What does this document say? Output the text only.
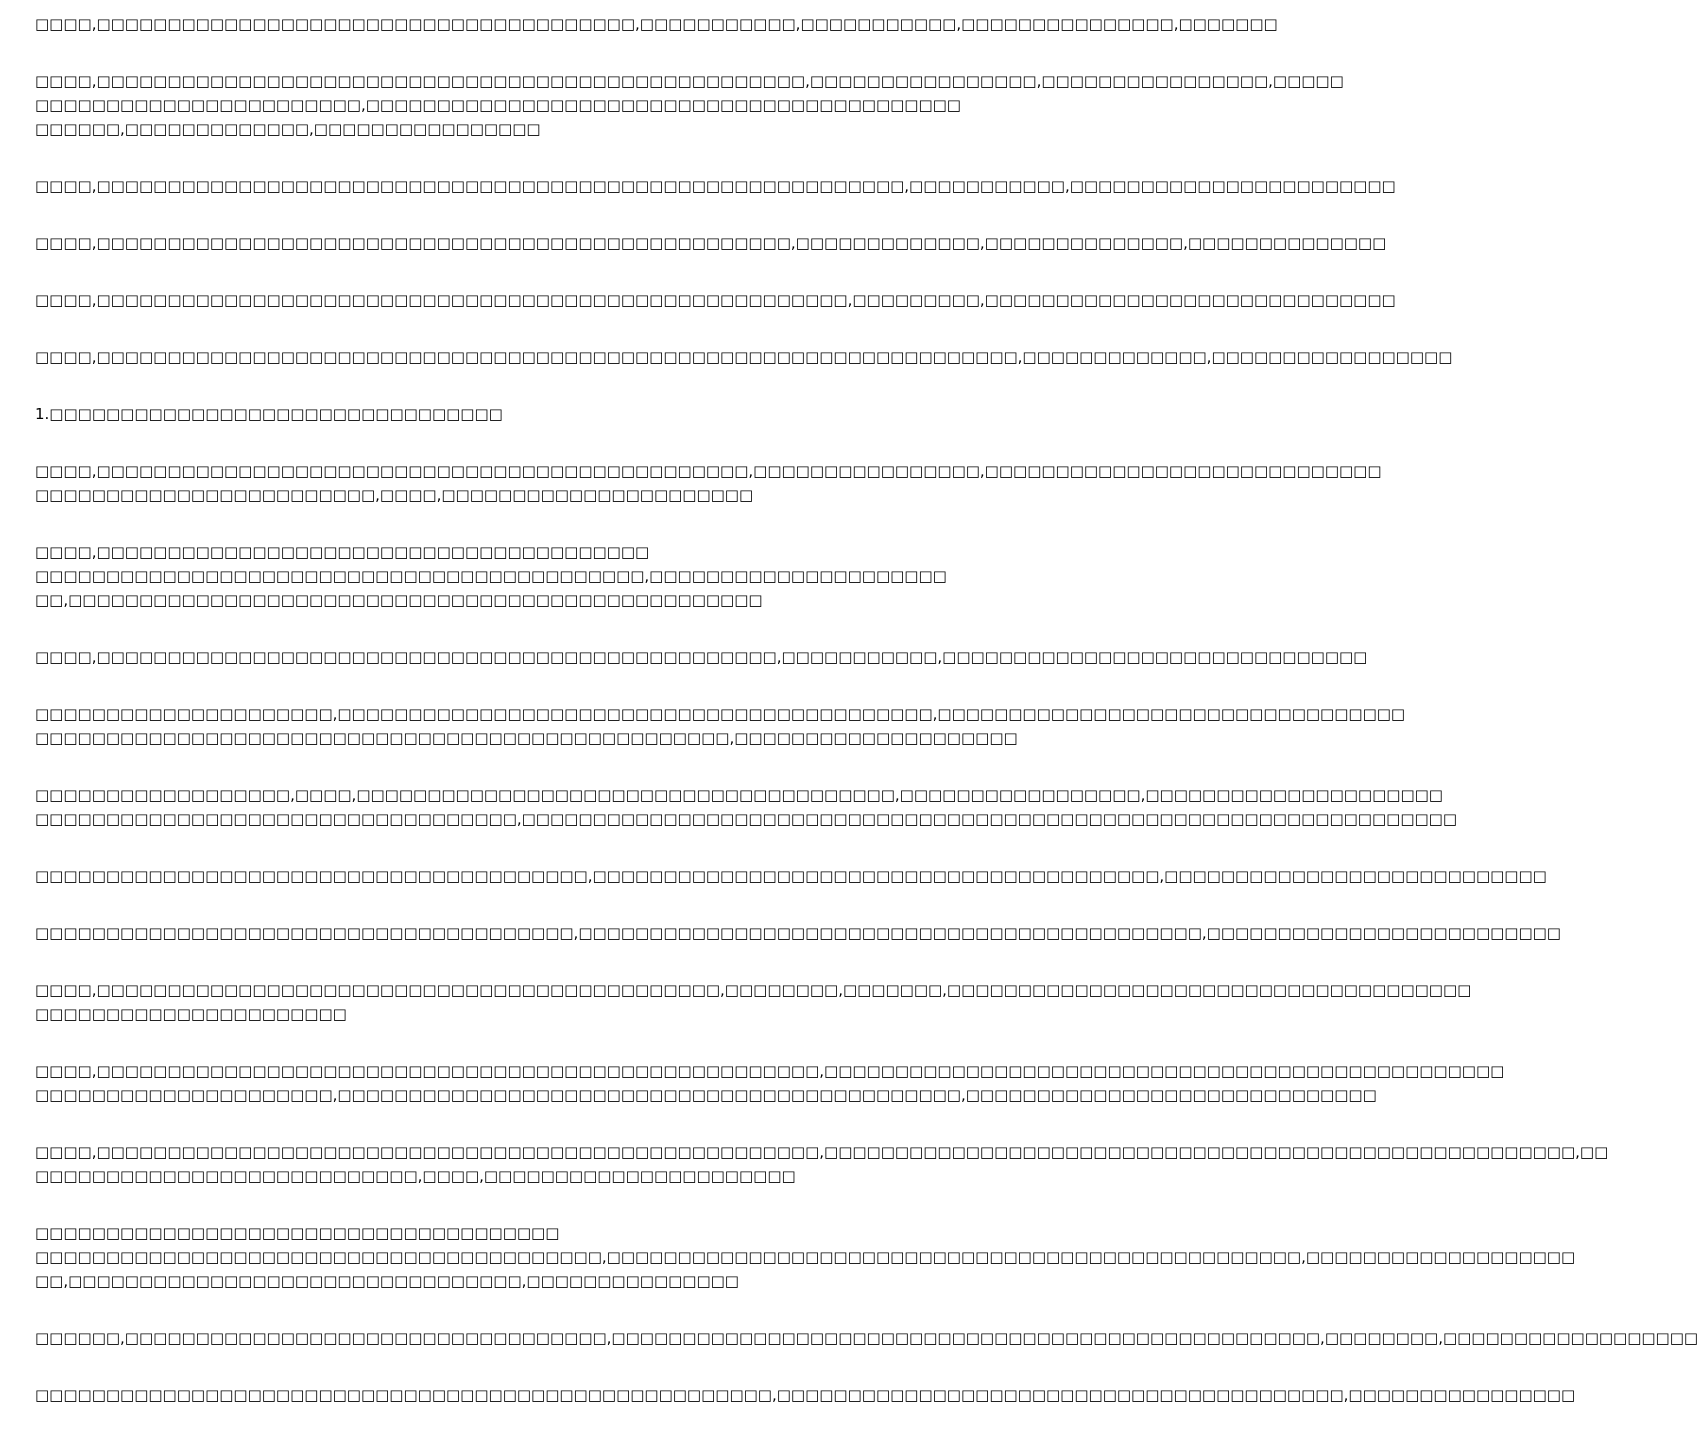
□□□□,□□□□□□□□□□□□□□□□□□□□□□□□□□□□□□□□□□□□□□,□□□□□□□□□□□,□□□□□□□□□□□,□□□□□□□□□□□□□□□,□□□□□□□
□□□□,□□□□□□□□□□□□□□□□□□□□□□□□□□□□□□□□□□□□□□□□□□□□□□□□□□,□□□□□□□□□□□□□□□□,□□□□□□□□□□□□□□□□,□□□□□
□□□□□□□□□□□□□□□□□□□□□□□,□□□□□□□□□□□□□□□□□□□□□□□□□□□□□□□□□□□□□□□□□□
□□□□□□,□□□□□□□□□□□□□,□□□□□□□□□□□□□□□□
□□□□,□□□□□□□□□□□□□□□□□□□□□□□□□□□□□□□□□□□□□□□□□□□□□□□□□□□□□□□□□,□□□□□□□□□□□,□□□□□□□□□□□□□□□□□□□□□□□
□□□□,□□□□□□□□□□□□□□□□□□□□□□□□□□□□□□□□□□□□□□□□□□□□□□□□□,□□□□□□□□□□□□□,□□□□□□□□□□□□□□,□□□□□□□□□□□□□□
□□□□,□□□□□□□□□□□□□□□□□□□□□□□□□□□□□□□□□□□□□□□□□□□□□□□□□□□□□,□□□□□□□□□,□□□□□□□□□□□□□□□□□□□□□□□□□□□□□
□□□□,□□□□□□□□□□□□□□□□□□□□□□□□□□□□□□□□□□□□□□□□□□□□□□□□□□□□□□□□□□□□□□□□□,□□□□□□□□□□□□□,□□□□□□□□□□□□□□□□□
1.□□□□□□□□□□□□□□□□□□□□□□□□□□□□□□□□
□□□□,□□□□□□□□□□□□□□□□□□□□□□□□□□□□□□□□□□□□□□□□□□□□□□,□□□□□□□□□□□□□□□□,□□□□□□□□□□□□□□□□□□□□□□□□□□□□
□□□□□□□□□□□□□□□□□□□□□□□□,□□□□,□□□□□□□□□□□□□□□□□□□□□□
□□□□,□□□□□□□□□□□□□□□□□□□□□□□□□□□□□□□□□□□□□□□
□□□□□□□□□□□□□□□□□□□□□□□□□□□□□□□□□□□□□□□□□□□,□□□□□□□□□□□□□□□□□□□□□
□□,□□□□□□□□□□□□□□□□□□□□□□□□□□□□□□□□□□□□□□□□□□□□□□□□□
□□□□,□□□□□□□□□□□□□□□□□□□□□□□□□□□□□□□□□□□□□□□□□□□□□□□□,□□□□□□□□□□□,□□□□□□□□□□□□□□□□□□□□□□□□□□□□□□
□□□□□□□□□□□□□□□□□□□□□,□□□□□□□□□□□□□□□□□□□□□□□□□□□□□□□□□□□□□□□□□□,□□□□□□□□□□□□□□□□□□□□□□□□□□□□□□□□□
□□□□□□□□□□□□□□□□□□□□□□□□□□□□□□□□□□□□□□□□□□□□□□□□□,□□□□□□□□□□□□□□□□□□□□
□□□□□□□□□□□□□□□□□□,□□□□,□□□□□□□□□□□□□□□□□□□□□□□□□□□□□□□□□□□□□□,□□□□□□□□□□□□□□□□□,□□□□□□□□□□□□□□□□□□□□□
□□□□□□□□□□□□□□□□□□□□□□□□□□□□□□□□□□,□□□□□□□□□□□□□□□□□□□□□□□□□□□□□□□□□□□□□□□□□□□□□□□□□□□□□□□□□□□□□□□□□□
□□□□□□□□□□□□□□□□□□□□□□□□□□□□□□□□□□□□□□□,□□□□□□□□□□□□□□□□□□□□□□□□□□□□□□□□□□□□□□□□,□□□□□□□□□□□□□□□□□□□□□□□□□□□
□□□□□□□□□□□□□□□□□□□□□□□□□□□□□□□□□□□□□□,□□□□□□□□□□□□□□□□□□□□□□□□□□□□□□□□□□□□□□□□□□□□,□□□□□□□□□□□□□□□□□□□□□□□□□
□□□□,□□□□□□□□□□□□□□□□□□□□□□□□□□□□□□□□□□□□□□□□□□□□,□□□□□□□□,□□□□□□□,□□□□□□□□□□□□□□□□□□□□□□□□□□□□□□□□□□□□□
□□□□□□□□□□□□□□□□□□□□□□
□□□□,□□□□□□□□□□□□□□□□□□□□□□□□□□□□□□□□□□□□□□□□□□□□□□□□□□□,□□□□□□□□□□□□□□□□□□□□□□□□□□□□□□□□□□□□□□□□□□□□□□□□
□□□□□□□□□□□□□□□□□□□□□,□□□□□□□□□□□□□□□□□□□□□□□□□□□□□□□□□□□□□□□□□□□□,□□□□□□□□□□□□□□□□□□□□□□□□□□□□□
□□□□,□□□□□□□□□□□□□□□□□□□□□□□□□□□□□□□□□□□□□□□□□□□□□□□□□□□,□□□□□□□□□□□□□□□□□□□□□□□□□□□□□□□□□□□□□□□□□□□□□□□□□□□□□,□□
□□□□□□□□□□□□□□□□□□□□□□□□□□□,□□□□,□□□□□□□□□□□□□□□□□□□□□□
□□□□□□□□□□□□□□□□□□□□□□□□□□□□□□□□□□□□□
□□□□□□□□□□□□□□□□□□□□□□□□□□□□□□□□□□□□□□□□,□□□□□□□□□□□□□□□□□□□□□□□□□□□□□□□□□□□□□□□□□□□□□□□□□,□□□□□□□□□□□□□□□□□□□
□□,□□□□□□□□□□□□□□□□□□□□□□□□□□□□□□□□,□□□□□□□□□□□□□□□
□□□□□□,□□□□□□□□□□□□□□□□□□□□□□□□□□□□□□□□□□,□□□□□□□□□□□□□□□□□□□□□□□□□□□□□□□□□□□□□□□□□□□□□□□□□□,□□□□□□□□,□□□□□□□□□□□□□□□□□□
□□□□□□□□□□□□□□□□□□□□□□□□□□□□□□□□□□□□□□□□□□□□□□□□□□□□,□□□□□□□□□□□□□□□□□□□□□□□□□□□□□□□□□□□□□□□□,□□□□□□□□□□□□□□□□
